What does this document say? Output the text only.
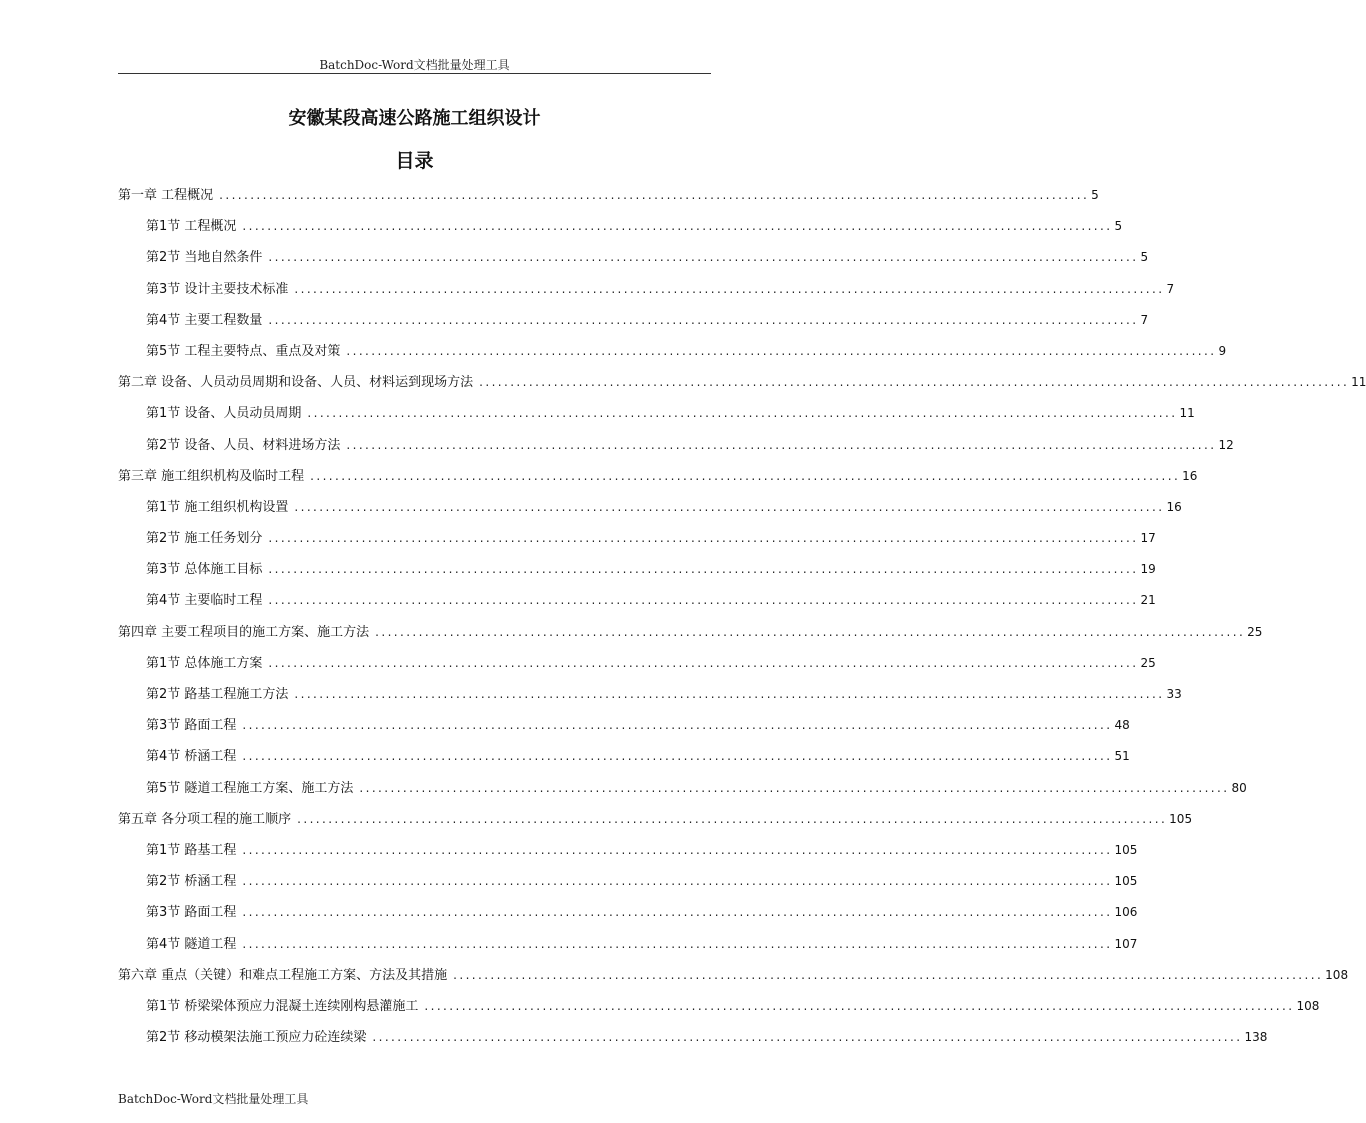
BatchDoc-Word文档批量处理工具
安徽某段高速公路施工组织设计
目录
第一章 工程概况 ............................................................................................................................................ 5
第1节 工程概况 ............................................................................................................................................ 5
第2节 当地自然条件 ............................................................................................................................................ 5
第3节 设计主要技术标准 ............................................................................................................................................ 7
第4节 主要工程数量 ............................................................................................................................................ 7
第5节 工程主要特点、重点及对策 ............................................................................................................................................ 9
第二章 设备、人员动员周期和设备、人员、材料运到现场方法 ............................................................................................................................................ 11
第1节 设备、人员动员周期 ............................................................................................................................................ 11
第2节 设备、人员、材料进场方法 ............................................................................................................................................ 12
第三章 施工组织机构及临时工程 ............................................................................................................................................ 16
第1节 施工组织机构设置 ............................................................................................................................................ 16
第2节 施工任务划分 ............................................................................................................................................ 17
第3节 总体施工目标 ............................................................................................................................................ 19
第4节 主要临时工程 ............................................................................................................................................ 21
第四章 主要工程项目的施工方案、施工方法 ............................................................................................................................................ 25
第1节 总体施工方案 ............................................................................................................................................ 25
第2节 路基工程施工方法 ............................................................................................................................................ 33
第3节 路面工程 ............................................................................................................................................ 48
第4节 桥涵工程 ............................................................................................................................................ 51
第5节 隧道工程施工方案、施工方法 ............................................................................................................................................ 80
第五章 各分项工程的施工顺序 ............................................................................................................................................ 105
第1节 路基工程 ............................................................................................................................................ 105
第2节 桥涵工程 ............................................................................................................................................ 105
第3节 路面工程 ............................................................................................................................................ 106
第4节 隧道工程 ............................................................................................................................................ 107
第六章 重点（关键）和难点工程施工方案、方法及其措施 ............................................................................................................................................ 108
第1节 桥梁梁体预应力混凝土连续刚构悬灌施工 ............................................................................................................................................ 108
第2节 移动模架法施工预应力砼连续梁 ............................................................................................................................................ 138
BatchDoc-Word文档批量处理工具
